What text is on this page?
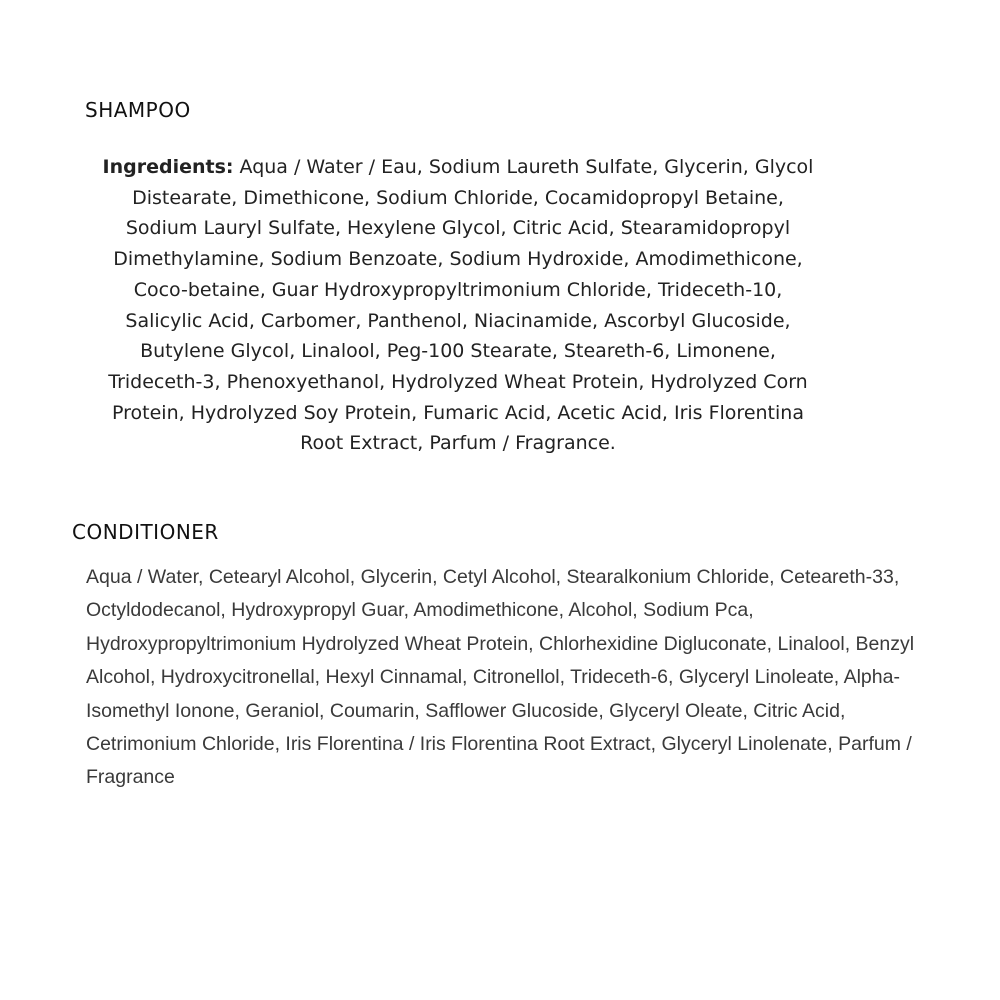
SHAMPOO

Ingredients: Aqua / Water / Eau, Sodium Laureth Sulfate, Glycerin, Glycol Distearate, Dimethicone, Sodium Chloride, Cocamidopropyl Betaine, Sodium Lauryl Sulfate, Hexylene Glycol, Citric Acid, Stearamidopropyl Dimethylamine, Sodium Benzoate, Sodium Hydroxide, Amodimethicone, Coco-betaine, Guar Hydroxypropyltrimonium Chloride, Trideceth-10, Salicylic Acid, Carbomer, Panthenol, Niacinamide, Ascorbyl Glucoside, Butylene Glycol, Linalool, Peg-100 Stearate, Steareth-6, Limonene, Trideceth-3, Phenoxyethanol, Hydrolyzed Wheat Protein, Hydrolyzed Corn Protein, Hydrolyzed Soy Protein, Fumaric Acid, Acetic Acid, Iris Florentina Root Extract, Parfum / Fragrance.

CONDITIONER

Aqua / Water, Cetearyl Alcohol, Glycerin, Cetyl Alcohol, Stearalkonium Chloride, Ceteareth-33, Octyldodecanol, Hydroxypropyl Guar, Amodimethicone, Alcohol, Sodium Pca, Hydroxypropyltrimonium Hydrolyzed Wheat Protein, Chlorhexidine Digluconate, Linalool, Benzyl Alcohol, Hydroxycitronellal, Hexyl Cinnamal, Citronellol, Trideceth-6, Glyceryl Linoleate, Alpha-Isomethyl Ionone, Geraniol, Coumarin, Safflower Glucoside, Glyceryl Oleate, Citric Acid, Cetrimonium Chloride, Iris Florentina / Iris Florentina Root Extract, Glyceryl Linolenate, Parfum / Fragrance
